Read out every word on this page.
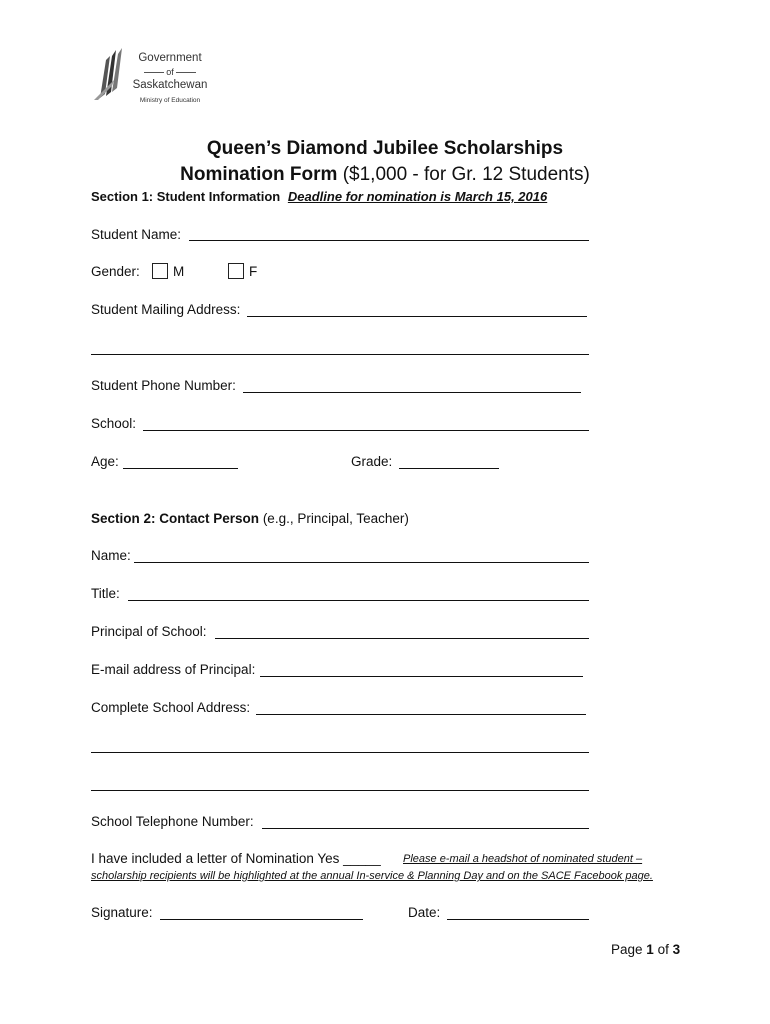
Government
of
Saskatchewan
Ministry of Education
Queen’s Diamond Jubilee Scholarships
Nomination Form ($1,000 - for Gr. 12 Students)
Section 1: Student Information Deadline for nomination is March 15, 2016
Student Name:
Gender: M	F
Student Mailing Address:
Student Phone Number:
School:
Age:	Grade:
Section 2: Contact Person (e.g., Principal, Teacher)
Name:
Title:
Principal of School:
E-mail address of Principal:
Complete School Address:
School Telephone Number:
I have included a letter of Nomination Yes _____ Please e-mail a headshot of nominated student –
scholarship recipients will be highlighted at the annual In-service & Planning Day and on the SACE Facebook page.
Signature:	Date:
Page 1 of 3
